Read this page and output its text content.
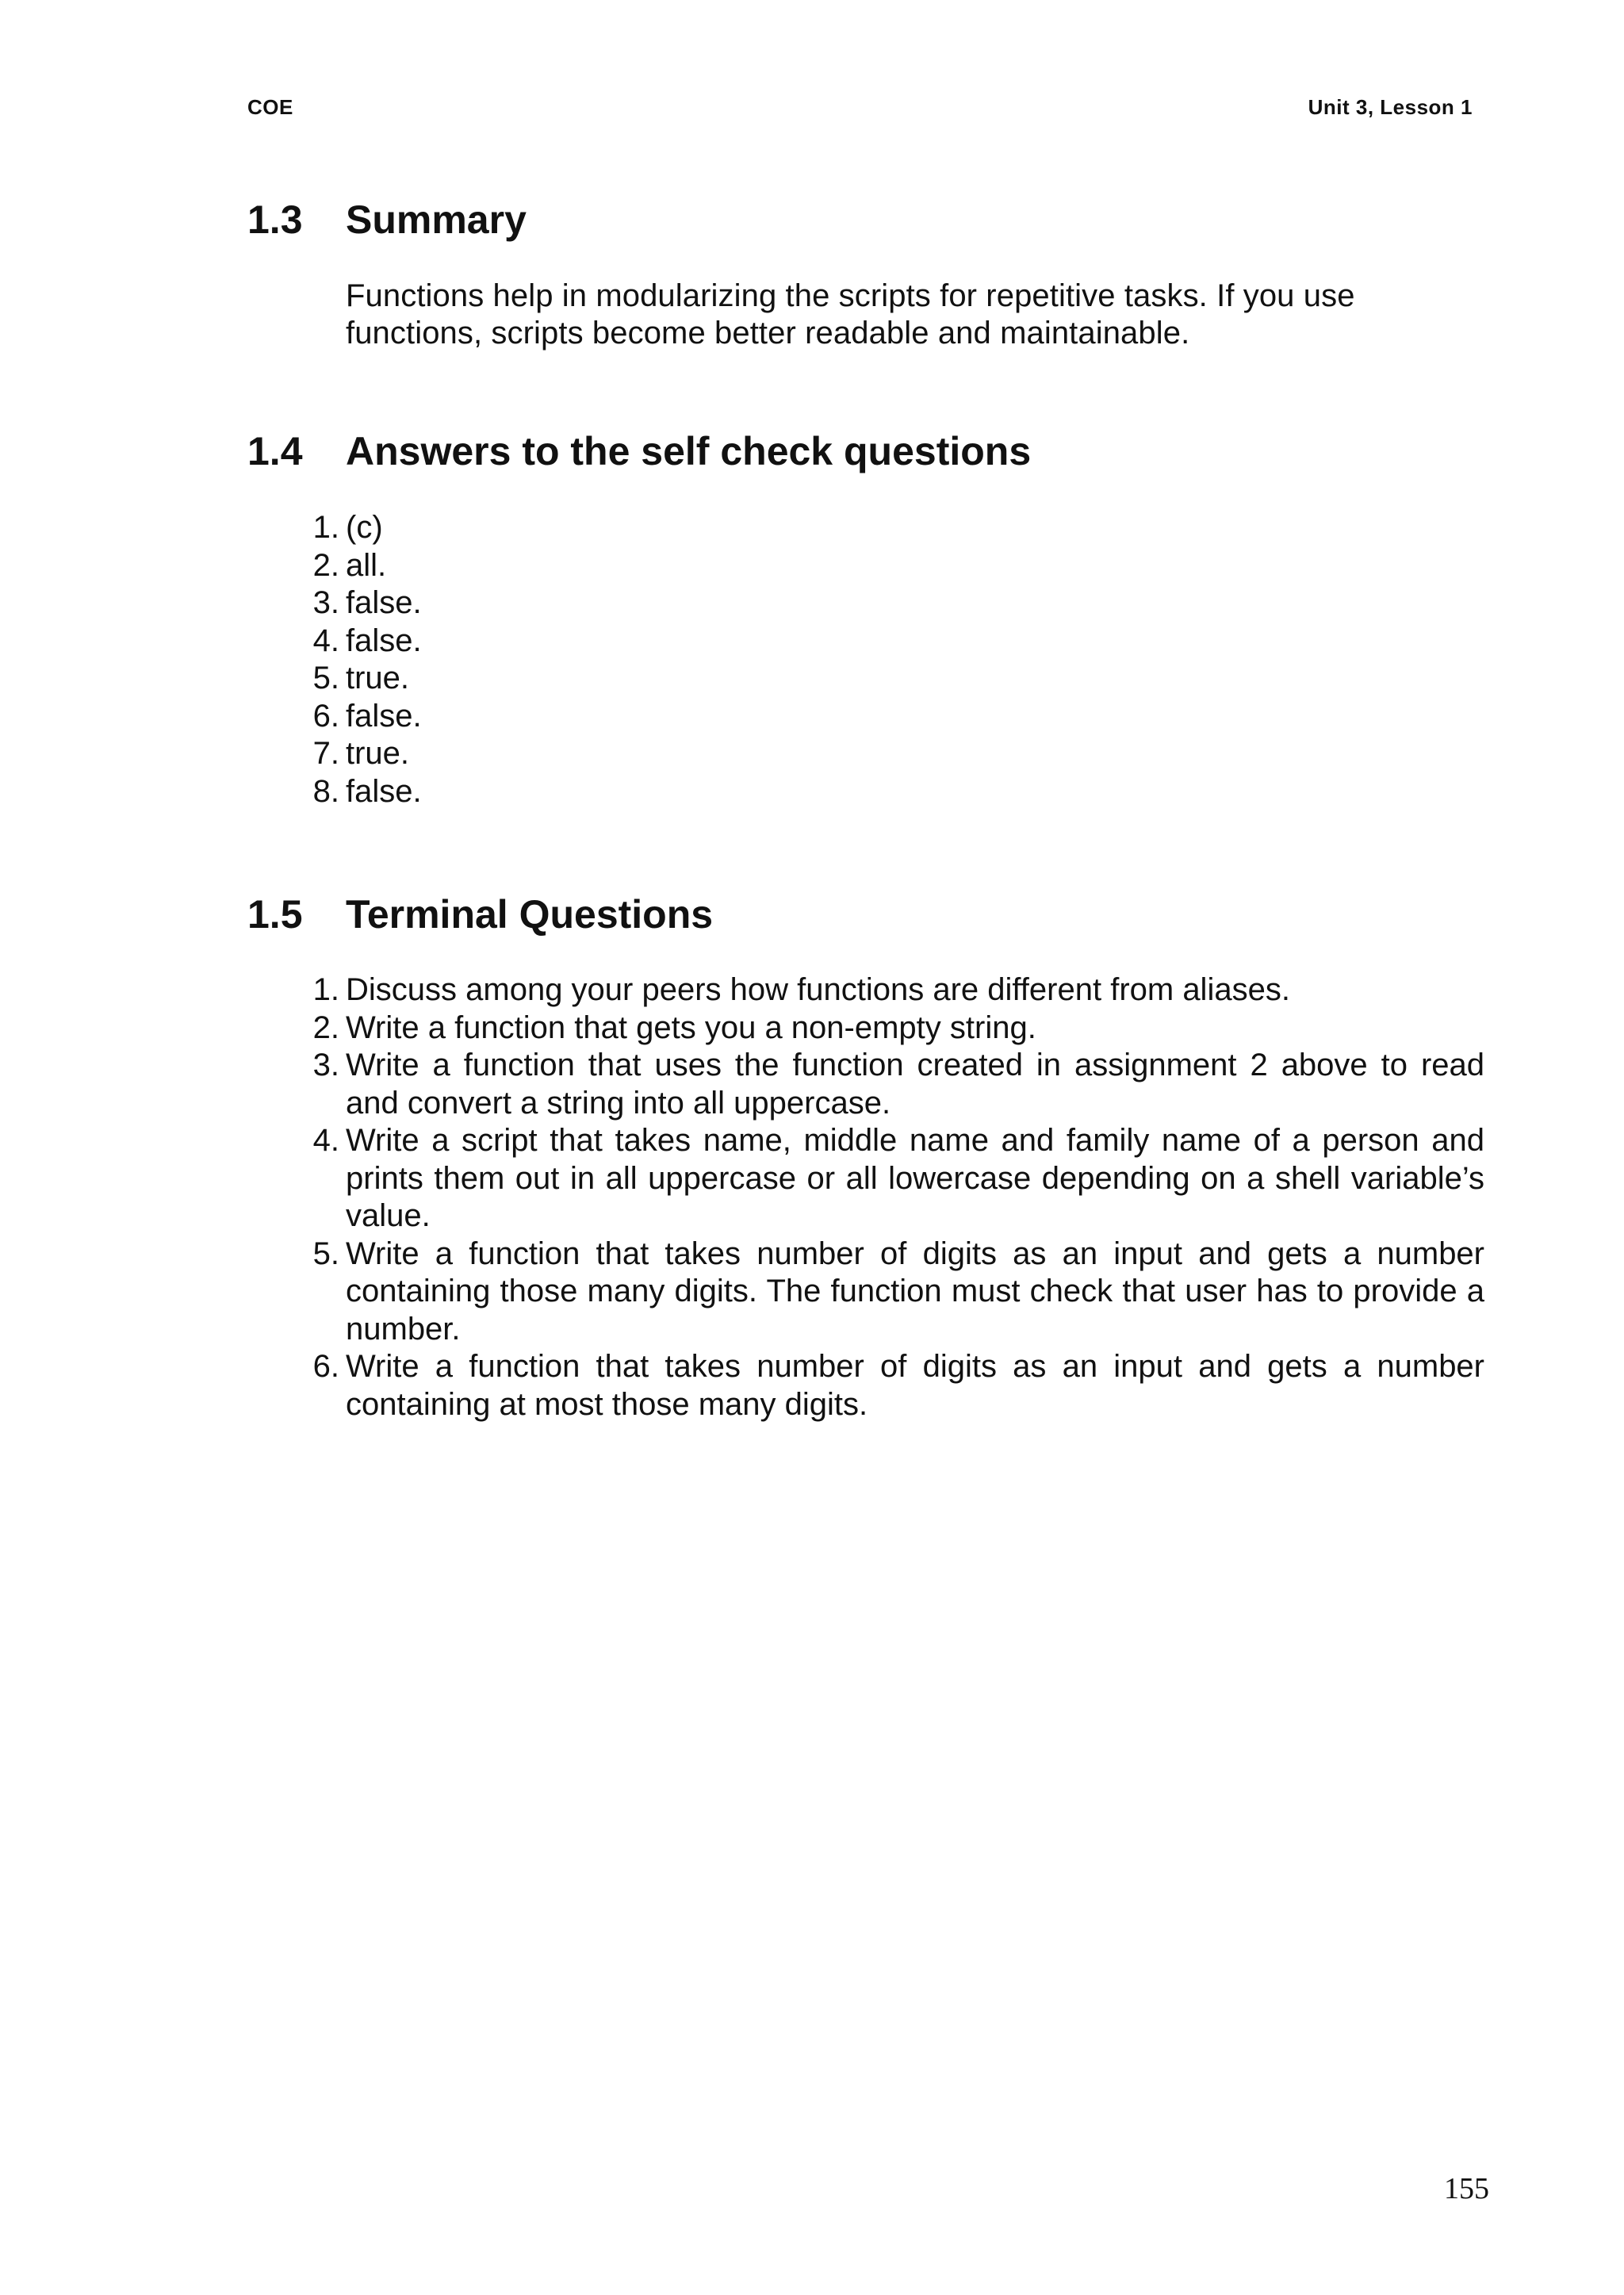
COE	Unit 3, Lesson 1
1.3 Summary

Functions help in modularizing the scripts for repetitive tasks. If you use functions, scripts become better readable and maintainable.

1.4 Answers to the self check questions
1. (c)
2. all.
3. false.
4. false.
5. true.
6. false.
7. true.
8. false.
1.5 Terminal Questions
1. Discuss among your peers how functions are different from aliases.
2. Write a function that gets you a non-empty string.
3. Write a function that uses the function created in assignment 2 above to read and convert a string into all uppercase.
4. Write a script that takes name, middle name and family name of a person and prints them out in all uppercase or all lowercase depending on a shell variable’s value.
5. Write a function that takes number of digits as an input and gets a number containing those many digits. The function must check that user has to provide a number.
6. Write a function that takes number of digits as an input and gets a number containing at most those many digits.
155
